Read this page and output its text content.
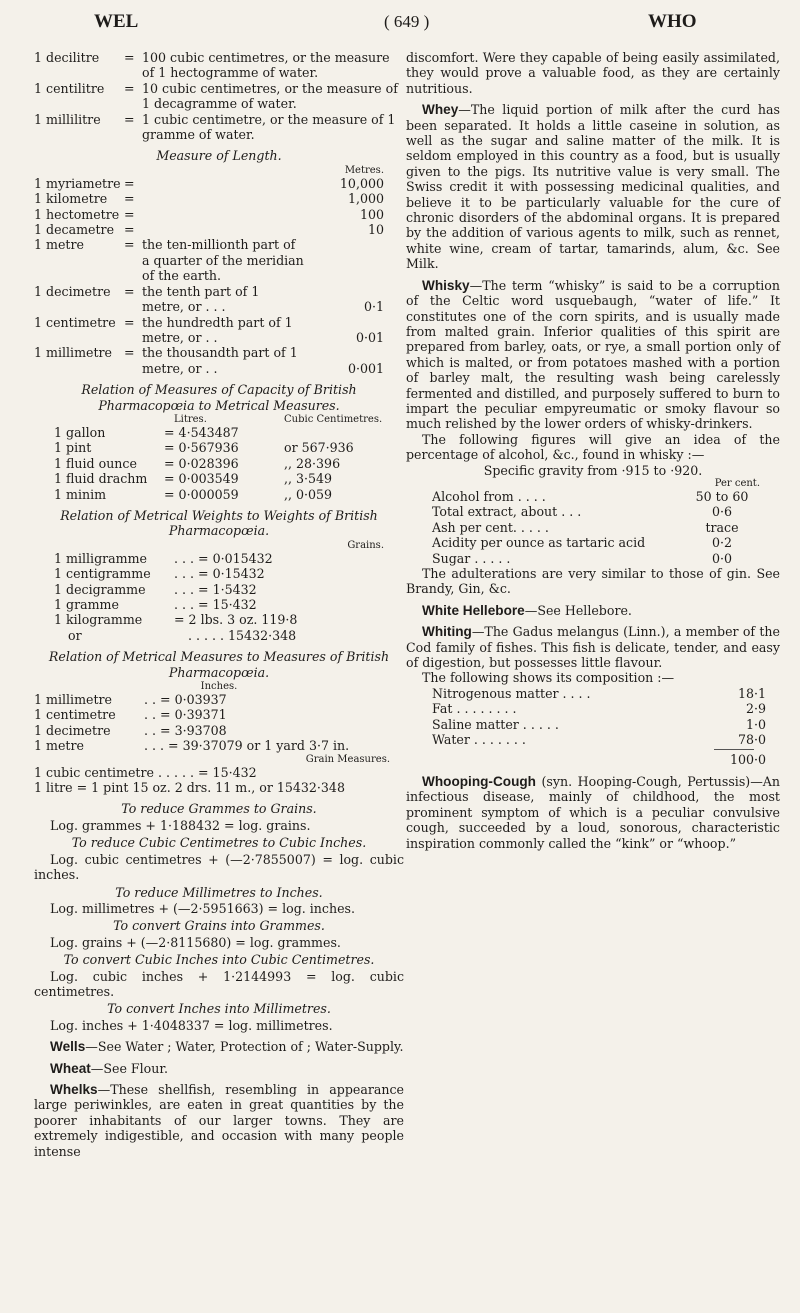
WEL	( 649 )	WHO
1 decilitre	= 100 cubic centimetres, or the measure of 1 hectogramme of water.
1 centilitre	= 10 cubic centimetres, or the measure of 1 decagramme of water.
1 millilitre	= 1 cubic centimetre, or the measure of 1 gramme of water.
Measure of Length.
Metres.
1 myriametre =	10,000
1 kilometre	=	1,000
1 hectometre =	100
1 decametre =	10
1 metre	= the ten-millionth part of a quarter of the meridian of the earth.
1 decimetre	= the tenth part of 1 metre, or . . .	0·1
1 centimetre = the hundredth part of 1 metre, or . .	0·01
1 millimetre = the thousandth part of 1 metre, or . .	0·001
Relation of Measures of Capacity of British Pharmacopœia to Metrical Measures.
Litres.	Cubic Centimetres.
1 gallon	= 4·543487
1 pint	= 0·567936	or 567·936
1 fluid ounce	= 0·028396	,, 28·396
1 fluid drachm	= 0·003549	,, 3·549
1 minim	= 0·000059	,, 0·059
Relation of Metrical Weights to Weights of British Pharmacopœia.
Grains.
1 milligramme	. . . = 0·015432
1 centigramme	. . . = 0·15432
1 decigramme	. . . = 1·5432
1 gramme	. . . = 15·432
1 kilogramme	= 2 lbs. 3 oz. 119·8
or	. . . . . 15432·348
Relation of Metrical Measures to Measures of British Pharmacopœia.
Inches.
1 millimetre	. . = 0·03937
1 centimetre	. . = 0·39371
1 decimetre	. . = 3·93708
1 metre	. . . = 39·37079 or 1 yard 3·7 in.
Grain Measures.
1 cubic centimetre . . . . . = 15·432
1 litre = 1 pint 15 oz. 2 drs. 11 m., or 15432·348
To reduce Grammes to Grains.
Log. grammes + 1·188432 = log. grains.
To reduce Cubic Centimetres to Cubic Inches.
Log. cubic centimetres + (—2·7855007) = log. cubic inches.
To reduce Millimetres to Inches.
Log. millimetres + (—2·5951663) = log. inches.
To convert Grains into Grammes.
Log. grains + (—2·8115680) = log. grammes.
To convert Cubic Inches into Cubic Centimetres.
Log. cubic inches + 1·2144993 = log. cubic centimetres.
To convert Inches into Millimetres.
Log. inches + 1·4048337 = log. millimetres.

Wells—See Water ; Water, Protection of ; Water-Supply.

Wheat—See Flour.

Whelks—These shellfish, resembling in appearance large periwinkles, are eaten in great quantities by the poorer inhabitants of our larger towns. They are extremely indigestible, and occasion with many people intense

discomfort. Were they capable of being easily assimilated, they would prove a valuable food, as they are certainly nutritious.

Whey—The liquid portion of milk after the curd has been separated. It holds a little caseine in solution, as well as the sugar and saline matter of the milk. It is seldom employed in this country as a food, but is usually given to the pigs. Its nutritive value is very small. The Swiss credit it with possessing medicinal qualities, and believe it to be particularly valuable for the cure of chronic disorders of the abdominal organs. It is prepared by the addition of various agents to milk, such as rennet, white wine, cream of tartar, tamarinds, alum, &c. See Milk.

Whisky—The term “whisky” is said to be a corruption of the Celtic word usquebaugh, “water of life.” It constitutes one of the corn spirits, and is usually made from malted grain. Inferior qualities of this spirit are prepared from barley, oats, or rye, a small portion only of which is malted, or from potatoes mashed with a portion of barley malt, the resulting wash being carelessly fermented and distilled, and purposely suffered to burn to impart the peculiar empyreumatic or smoky flavour so much relished by the lower orders of whisky-drinkers.

The following figures will give an idea of the percentage of alcohol, &c., found in whisky :—

Specific gravity from ·915 to ·920.
Per cent.
Alcohol from . . . .	50 to 60
Total extract, about . . .	0·6
Ash per cent. . . . .	trace
Acidity per ounce as tartaric acid	0·2
Sugar . . . . .	0·0

The adulterations are very similar to those of gin. See Brandy, Gin, &c.

White Hellebore—See Hellebore.

Whiting—The Gadus melangus (Linn.), a member of the Cod family of fishes. This fish is delicate, tender, and easy of digestion, but possesses little flavour.

The following shows its composition :—

Nitrogenous matter . . . .	18·1
Fat . . . . . . . .	2·9
Saline matter . . . . .	1·0
Water . . . . . . .	78·0
100·0

Whooping-Cough (syn. Hooping-Cough, Pertussis)—An infectious disease, mainly of childhood, the most prominent symptom of which is a peculiar convulsive cough, succeeded by a loud, sonorous, characteristic inspiration commonly called the “kink” or “whoop.”
